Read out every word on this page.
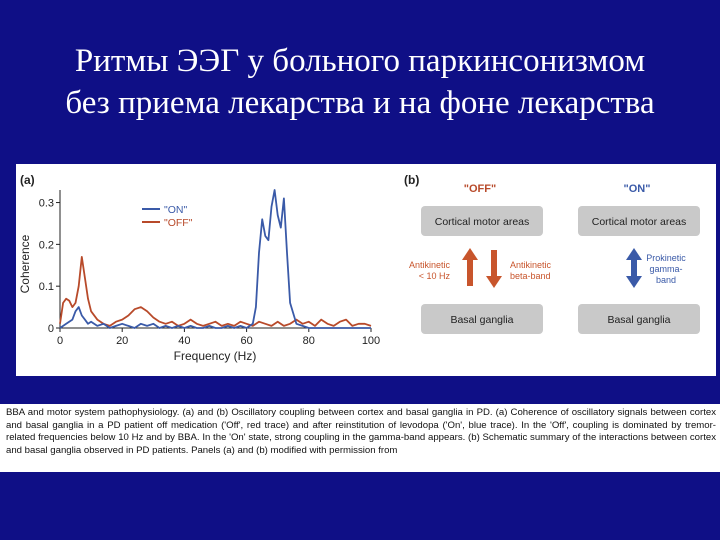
Ритмы ЭЭГ у больного паркинсонизмом
без приема лекарства и на фоне лекарства
(a)
0
0.1
0.2
0.3
0	20	40	60	80	100
Coherence
Frequency (Hz)
"ON"
"OFF"
(b)
"OFF"	"ON"
Cortical motor areas	Cortical motor areas
Basal ganglia	Basal ganglia
Antikinetic
< 10 Hz
Antikinetic
beta-band
Prokinetic
gamma-
band
BBA and motor system pathophysiology. (a) and (b) Oscillatory coupling between cortex and basal ganglia in PD. (a) Coherence of oscillatory signals between cortex and basal ganglia in a PD patient off medication ('Off', red trace) and after reinstitution of levodopa ('On', blue trace). In the 'Off', coupling is dominated by tremor-related frequencies below 10 Hz and by BBA. In the 'On' state, strong coupling in the gamma-band appears. (b) Schematic summary of the interactions between cortex and basal ganglia observed in PD patients. Panels (a) and (b) modified with permission from
